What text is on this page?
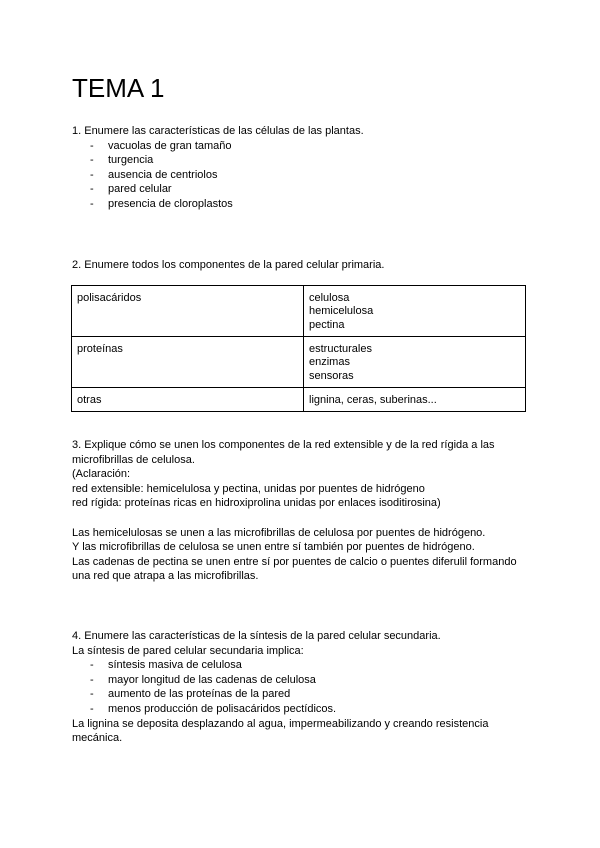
TEMA 1

1. Enumere las características de las células de las plantas.

- vacuolas de gran tamaño
- turgencia
- ausencia de centriolos
- pared celular
- presencia de cloroplastos

2. Enumere todos los componentes de la pared celular primaria.

polisacáridos	celulosa
hemicelulosa
pectina

proteínas	estructurales
enzimas
sensoras

otras	lignina, ceras, suberinas...

3. Explique cómo se unen los componentes de la red extensible y de la red rígida a las

microfibrillas de celulosa.

(Aclaración:

red extensible: hemicelulosa y pectina, unidas por puentes de hidrógeno

red rígida: proteínas ricas en hidroxiprolina unidas por enlaces isoditirosina)

Las hemicelulosas se unen a las microfibrillas de celulosa por puentes de hidrógeno.

Y las microfibrillas de celulosa se unen entre sí también por puentes de hidrógeno.

Las cadenas de pectina se unen entre sí por puentes de calcio o puentes diferulil formando

una red que atrapa a las microfibrillas.

4. Enumere las características de la síntesis de la pared celular secundaria.

La síntesis de pared celular secundaria implica:

- síntesis masiva de celulosa
- mayor longitud de las cadenas de celulosa
- aumento de las proteínas de la pared
- menos producción de polisacáridos pectídicos.

La lignina se deposita desplazando al agua, impermeabilizando y creando resistencia

mecánica.
